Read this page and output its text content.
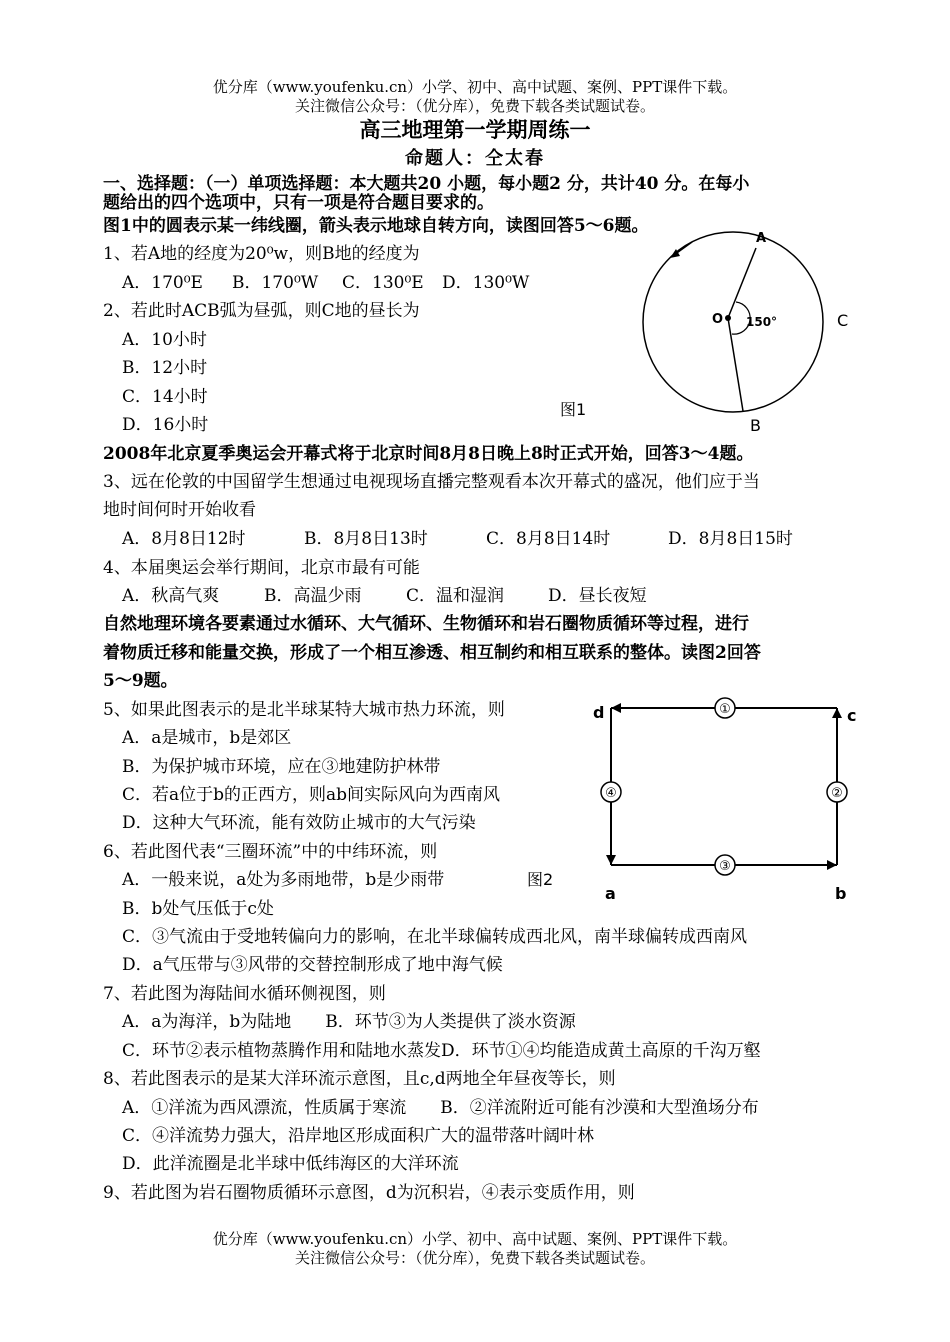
优分库（www.youfenku.cn）小学、初中、高中试题、案例、PPT课件下载。
关注微信公众号：（优分库），免费下载各类试题试卷。
高三地理第一学期周练一
命题人：仝太春
一、选择题：（一）单项选择题：本大题共20 小题，每小题2 分，共计40 分。在每小
题给出的四个选项中，只有一项是符合题目要求的。
图1中的圆表示某一纬线圈，箭头表示地球自转方向，读图回答5～6题。
1、若A地的经度为20⁰w，则B地的经度为
A．170⁰E B．170⁰W C．130⁰E D．130⁰W
2、若此时ACB弧为昼弧，则C地的昼长为
A．10小时
B．12小时
C．14小时
D．16小时
A
O 150°	C
B
图1
2008年北京夏季奥运会开幕式将于北京时间8月8日晚上8时正式开始，回答3～4题。
3、远在伦敦的中国留学生想通过电视现场直播完整观看本次开幕式的盛况，他们应于当
地时间何时开始收看
A．8月8日12时	B．8月8日13时	C．8月8日14时	D．8月8日15时
4、本届奥运会举行期间，北京市最有可能
A．秋高气爽	B．高温少雨	C．温和湿润	D．昼长夜短
自然地理环境各要素通过水循环、大气循环、生物循环和岩石圈物质循环等过程，进行
着物质迁移和能量交换，形成了一个相互渗透、相互制约和相互联系的整体。读图2回答
5～9题。
5、如果此图表示的是北半球某特大城市热力环流，则
A．a是城市，b是郊区
B．为保护城市环境，应在③地建防护林带
C．若a位于b的正西方，则ab间实际风向为西南风
D．这种大气环流，能有效防止城市的大气污染
6、若此图代表“三圈环流”中的中纬环流，则
A．一般来说，a处为多雨地带，b是少雨带
B．b处气压低于c处
C．③气流由于受地转偏向力的影响，在北半球偏转成西北风，南半球偏转成西南风
D．a气压带与③风带的交替控制形成了地中海气候
①
②
③
④
d	c
a	b
图2
7、若此图为海陆间水循环侧视图，则
A．a为海洋，b为陆地　　B．环节③为人类提供了淡水资源
C．环节②表示植物蒸腾作用和陆地水蒸发D．环节①④均能造成黄土高原的千沟万壑
8、若此图表示的是某大洋环流示意图，且c,d两地全年昼夜等长，则
A．①洋流为西风漂流，性质属于寒流　　B．②洋流附近可能有沙漠和大型渔场分布
C．④洋流势力强大，沿岸地区形成面积广大的温带落叶阔叶林
D．此洋流圈是北半球中低纬海区的大洋环流
9、若此图为岩石圈物质循环示意图，d为沉积岩，④表示变质作用，则
优分库（www.youfenku.cn）小学、初中、高中试题、案例、PPT课件下载。
关注微信公众号：（优分库），免费下载各类试题试卷。
